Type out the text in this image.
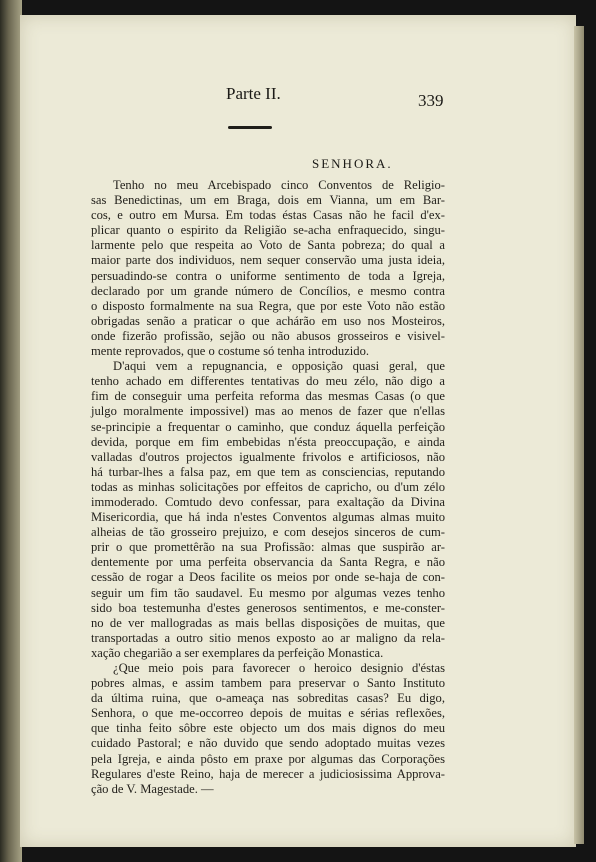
Parte II.	339
SENHORA.
Tenho no meu Arcebispado cinco Conventos de Religio-
sas Benedictinas, um em Braga, dois em Vianna, um em Bar-
cos, e outro em Mursa. Em todas éstas Casas não he facil d'ex-
plicar quanto o espirito da Religião se-acha enfraquecido, singu-
larmente pelo que respeita ao Voto de Santa pobreza; do qual a
maior parte dos individuos, nem sequer conservão uma justa ideia,
persuadindo-se contra o uniforme sentimento de toda a Igreja,
declarado por um grande número de Concílios, e mesmo contra
o disposto formalmente na sua Regra, que por este Voto não estão
obrigadas senão a praticar o que achárão em uso nos Mosteiros,
onde fizerão profissão, sejão ou não abusos grosseiros e visivel-
mente reprovados, que o costume só tenha introduzido.
D'aqui vem a repugnancia, e opposição quasi geral, que
tenho achado em differentes tentativas do meu zélo, não digo a
fim de conseguir uma perfeita reforma das mesmas Casas (o que
julgo moralmente impossivel) mas ao menos de fazer que n'ellas
se-principie a frequentar o caminho, que conduz áquella perfeição
devida, porque em fim embebidas n'ésta preoccupação, e ainda
valladas d'outros projectos igualmente frivolos e artificiosos, não
há turbar-lhes a falsa paz, em que tem as consciencias, reputando
todas as minhas solicitações por effeitos de capricho, ou d'um zélo
immoderado. Comtudo devo confessar, para exaltação da Divina
Misericordia, que há inda n'estes Conventos algumas almas muito
alheias de tão grosseiro prejuizo, e com desejos sinceros de cum-
prir o que promettêrão na sua Profissão: almas que suspirão ar-
dentemente por uma perfeita observancia da Santa Regra, e não
cessão de rogar a Deos facilite os meios por onde se-haja de con-
seguir um fim tão saudavel. Eu mesmo por algumas vezes tenho
sido boa testemunha d'estes generosos sentimentos, e me-conster-
no de ver mallogradas as mais bellas disposições de muitas, que
transportadas a outro sitio menos exposto ao ar maligno da rela-
xação chegarião a ser exemplares da perfeição Monastica.
¿Que meio pois para favorecer o heroico designio d'éstas
pobres almas, e assim tambem para preservar o Santo Instituto
da última ruina, que o-ameaça nas sobreditas casas? Eu digo,
Senhora, o que me-occorreo depois de muitas e sérias reflexões,
que tinha feito sôbre este objecto um dos mais dignos do meu
cuidado Pastoral; e não duvido que sendo adoptado muitas vezes
pela Igreja, e ainda pôsto em praxe por algumas das Corporações
Regulares d'este Reino, haja de merecer a judiciosissima Approva-
ção de V. Magestade. —
